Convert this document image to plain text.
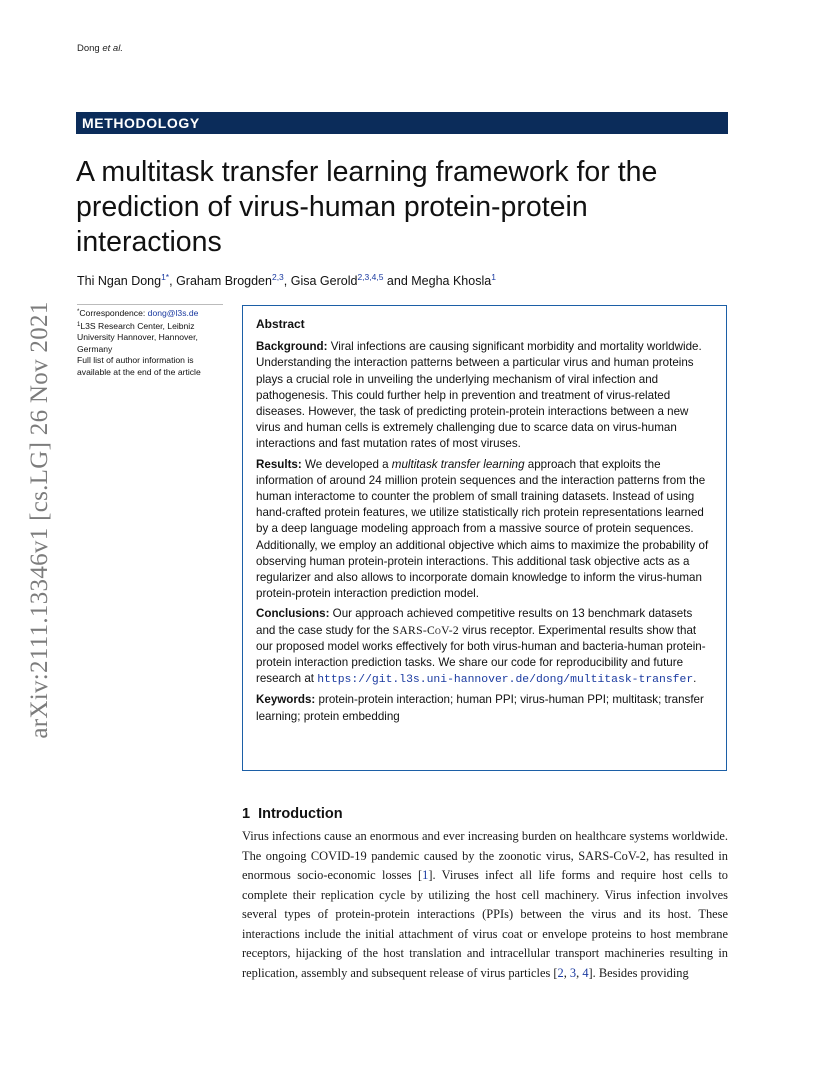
Dong et al.
METHODOLOGY
A multitask transfer learning framework for the prediction of virus-human protein-protein interactions
Thi Ngan Dong$^{1*}$, Graham Brogden$^{2,3}$, Gisa Gerold$^{2,3,4,5}$ and Megha Khosla$^1$
*Correspondence: dong@l3s.de
$^1$L3S Research Center, Leibniz University Hannover, Hannover, Germany
Full list of author information is available at the end of the article
arXiv:2111.13346v1 [cs.LG] 26 Nov 2021	Abstract

Background: Viral infections are causing significant morbidity and mortality worldwide. Understanding the interaction patterns between a particular virus and human proteins plays a crucial role in unveiling the underlying mechanism of viral infection and pathogenesis. This could further help in prevention and treatment of virus-related diseases. However, the task of predicting protein-protein interactions between a new virus and human cells is extremely challenging due to scarce data on virus-human interactions and fast mutation rates of most viruses.

Results: We developed a multitask transfer learning approach that exploits the information of around 24 million protein sequences and the interaction patterns from the human interactome to counter the problem of small training datasets. Instead of using hand-crafted protein features, we utilize statistically rich protein representations learned by a deep language modeling approach from a massive source of protein sequences. Additionally, we employ an additional objective which aims to maximize the probability of observing human protein-protein interactions. This additional task objective acts as a regularizer and also allows to incorporate domain knowledge to inform the virus-human protein-protein interaction prediction model.

Conclusions: Our approach achieved competitive results on 13 benchmark datasets and the case study for the SARS-CoV-2 virus receptor. Experimental results show that our proposed model works effectively for both virus-human and bacteria-human protein-protein interaction prediction tasks. We share our code for reproducibility and future research at https://git.l3s.uni-hannover.de/dong/multitask-transfer.

Keywords: protein-protein interaction; human PPI; virus-human PPI; multitask; transfer learning; protein embedding

1 Introduction
Virus infections cause an enormous and ever increasing burden on healthcare systems worldwide. The ongoing COVID-19 pandemic caused by the zoonotic virus, SARS-CoV-2, has resulted in enormous socio-economic losses [1]. Viruses infect all life forms and require host cells to complete their replication cycle by utilizing the host cell machinery. Virus infection involves several types of protein-protein interactions (PPIs) between the virus and its host. These interactions include the initial attachment of virus coat or envelope proteins to host membrane receptors, hijacking of the host translation and intracellular transport machineries resulting in replication, assembly and subsequent release of virus particles [2, 3, 4]. Besides providing
